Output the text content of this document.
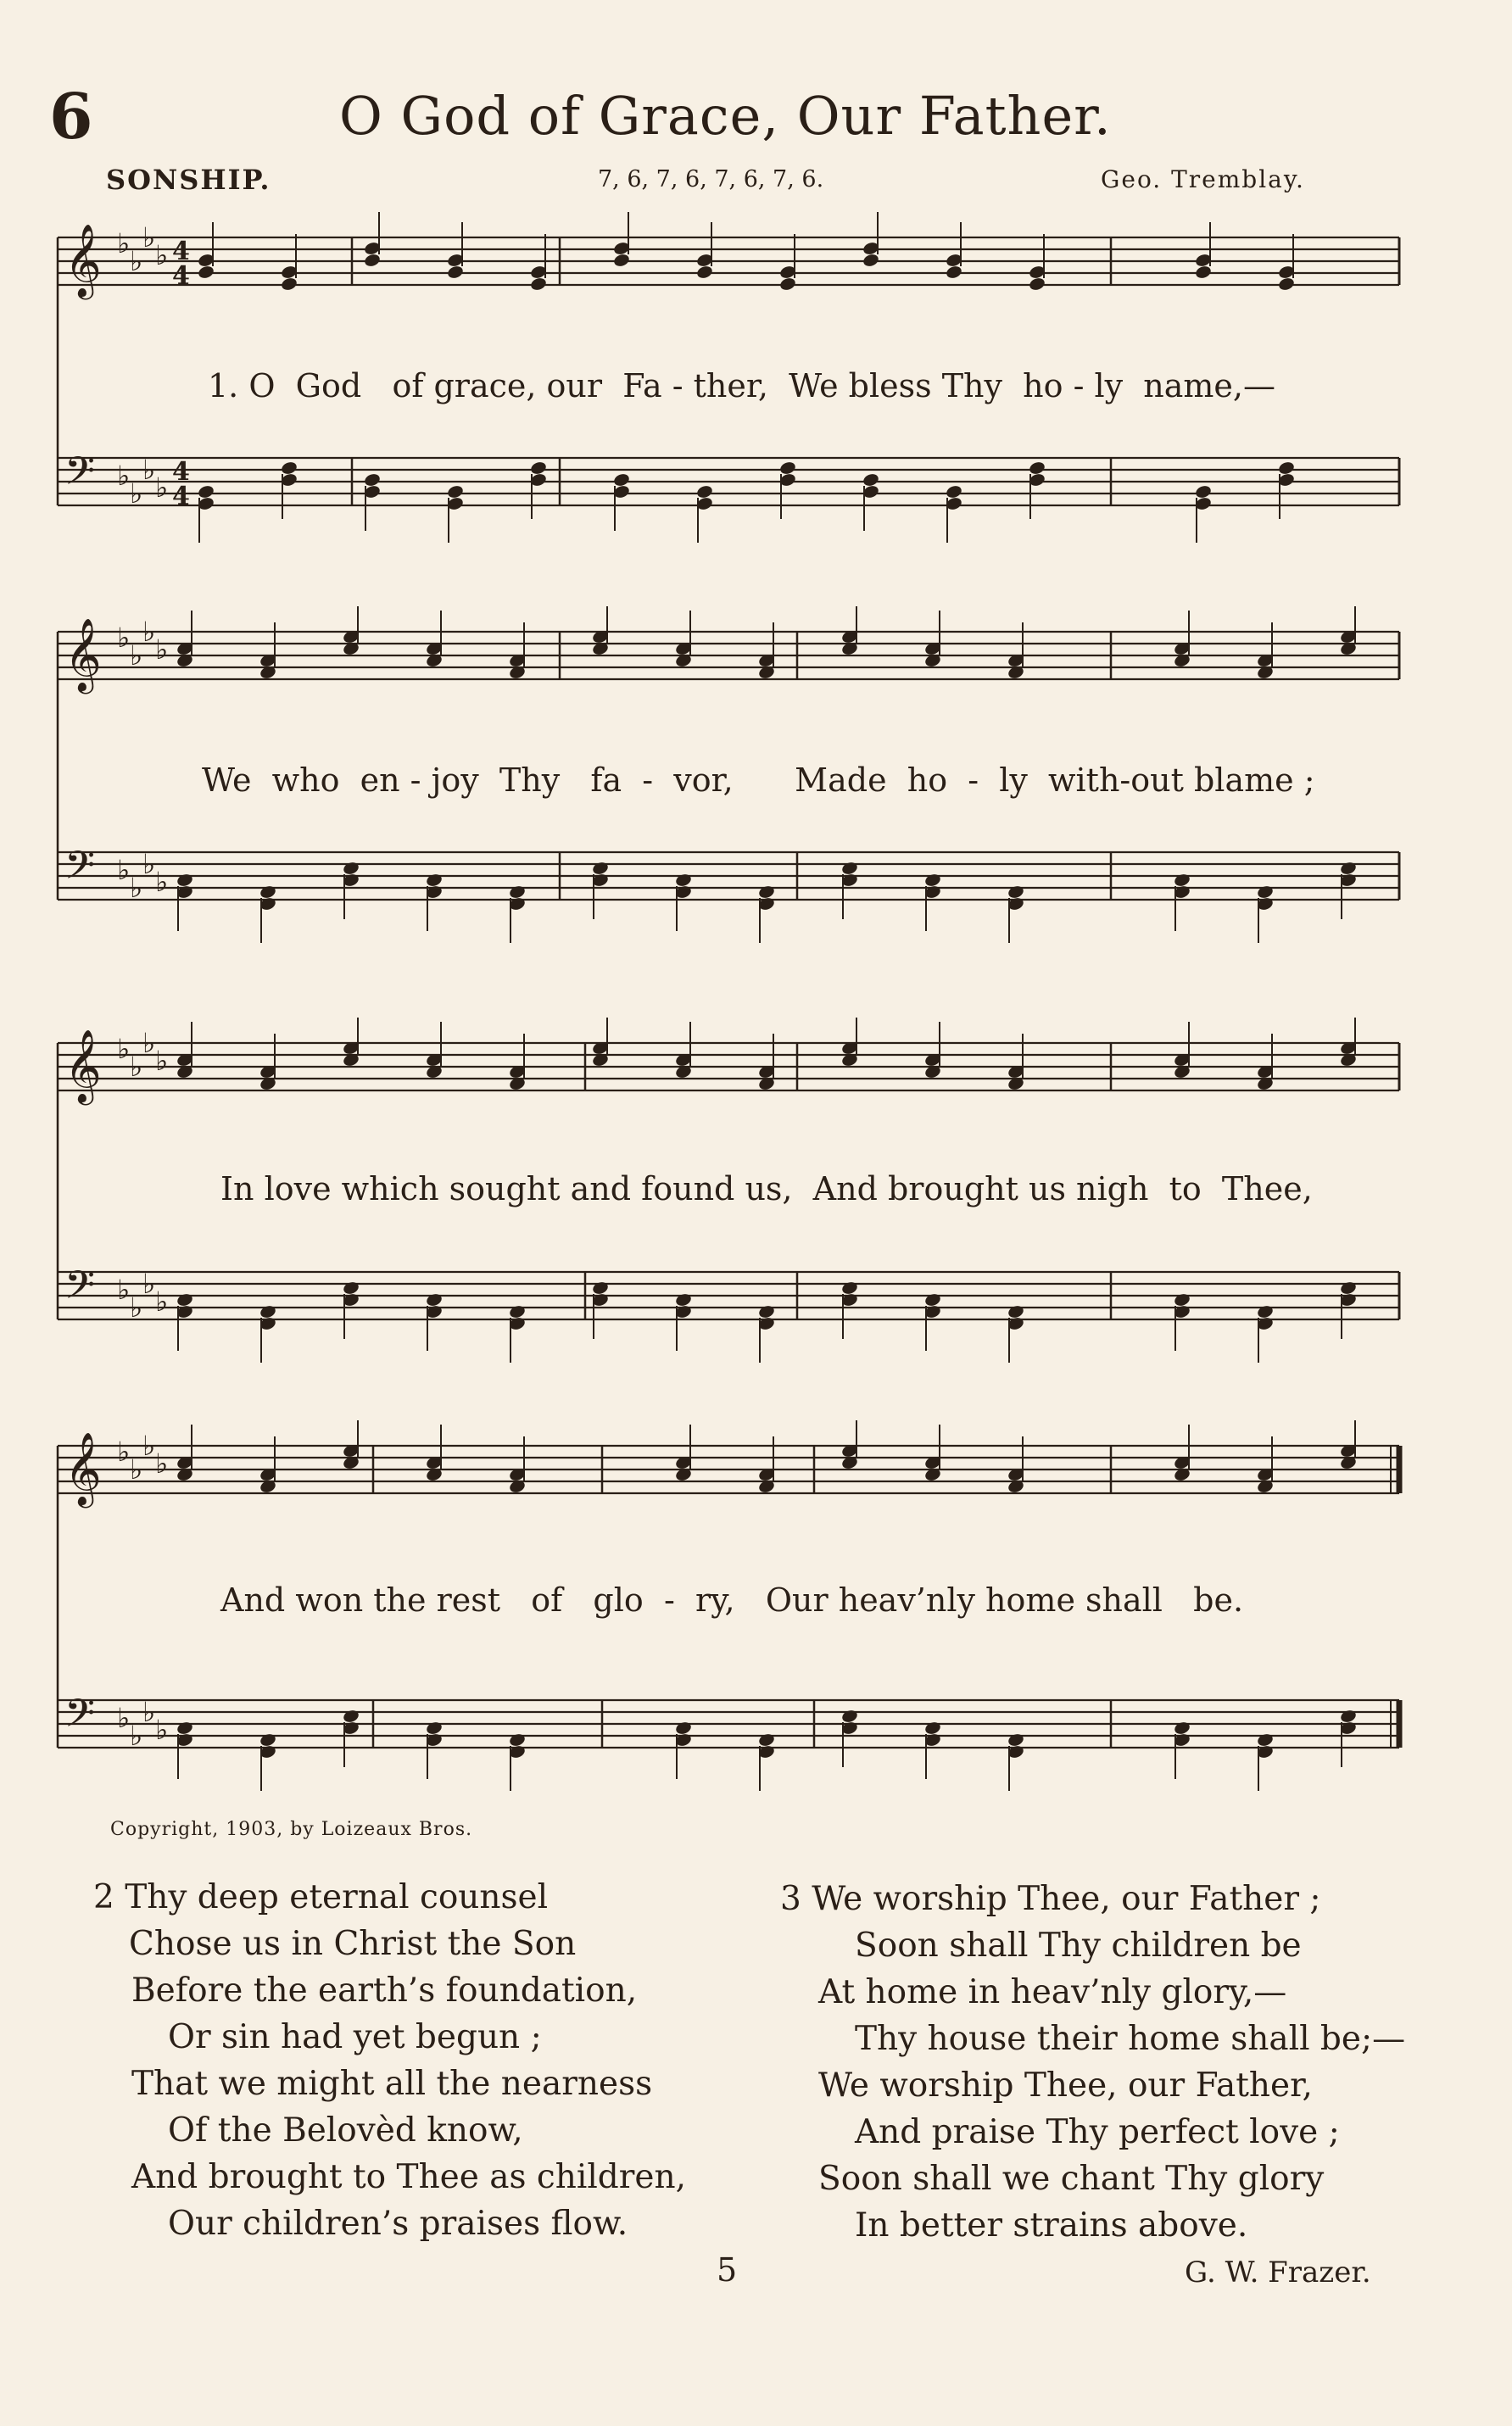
6	O God of Grace, Our Father.
SONSHIP.	7, 6, 7, 6, 7, 6, 7, 6.	Geo. Tremblay.
𝄞 ♭
♭
♭
♭ 4
4
𝄢 ♭
♭
♭
♭ 4
4
1. O  God   of grace, our  Fa - ther,  We bless Thy  ho - ly  name,—
𝄞 ♭
♭
♭
♭
𝄢 ♭
♭
♭
♭
We  who  en - joy  Thy   fa  -  vor,      Made  ho  -  ly  with-out blame ;
𝄞 ♭
♭
♭
♭
𝄢 ♭
♭
♭
♭
In love which sought and found us,  And brought us nigh  to  Thee,
𝄞 ♭
♭
♭
♭
𝄢 ♭
♭
♭
♭
And won the rest   of   glo  -  ry,   Our heav’nly home shall   be.
Copyright, 1903, by Loizeaux Bros.
2 Thy deep eternal counsel
Chose us in Christ the Son
Before the earth’s foundation,
Or sin had yet begun ;
That we might all the nearness
Of the Belovèd know,
And brought to Thee as children,
Our children’s praises flow.
3 We worship Thee, our Father ;
Soon shall Thy children be
At home in heav’nly glory,—
Thy house their home shall be;—
We worship Thee, our Father,
And praise Thy perfect love ;
Soon shall we chant Thy glory
In better strains above.
5	G. W. Frazer.
